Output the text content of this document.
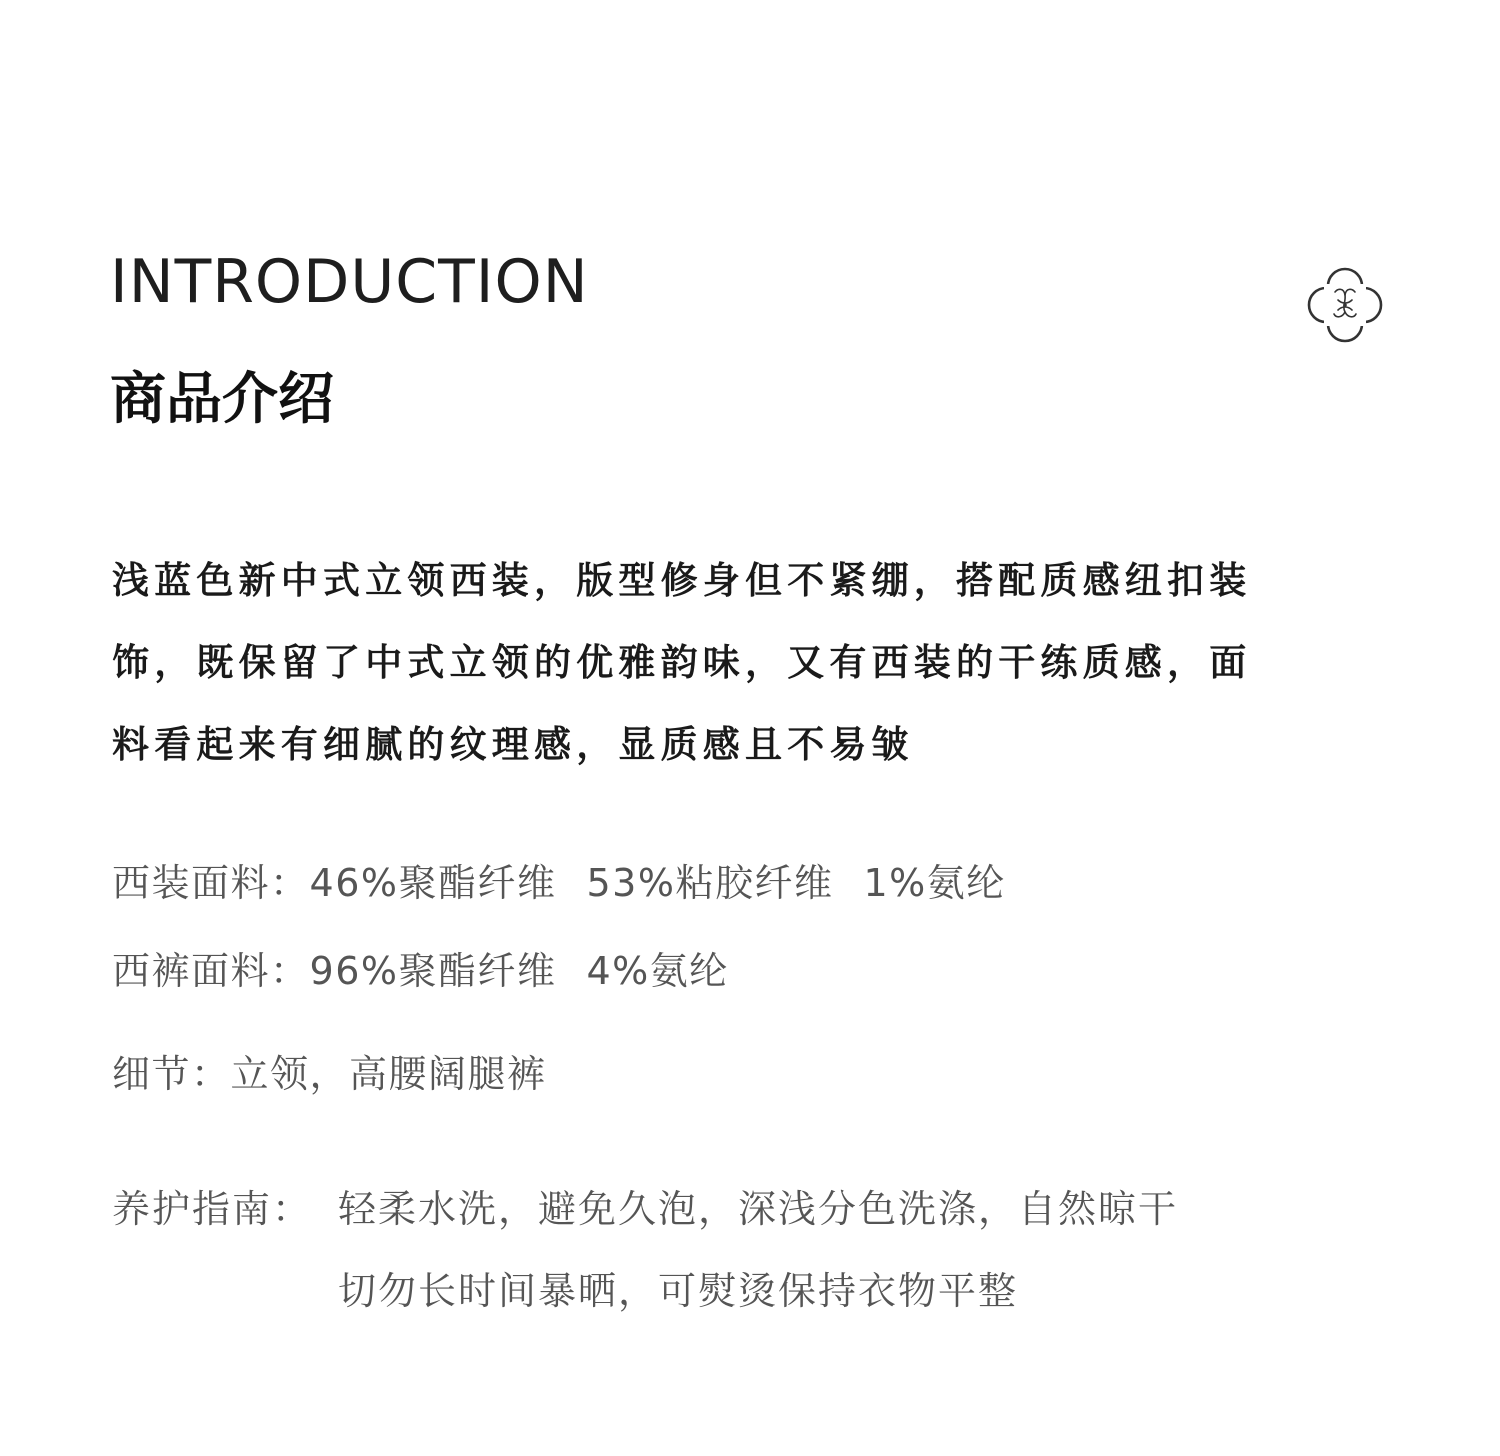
INTRODUCTION
商品介绍
浅蓝色新中式立领西装，版型修身但不紧绷，搭配质感纽扣装
饰，既保留了中式立领的优雅韵味，又有西装的干练质感，面
料看起来有细腻的纹理感，显质感且不易皱
西装面料：46%聚酯纤维 53%粘胶纤维 1%氨纶
西裤面料：96%聚酯纤维 4%氨纶
细节：立领，高腰阔腿裤
养护指南： 轻柔水洗，避免久泡，深浅分色洗涤，自然晾干
切勿长时间暴晒，可熨烫保持衣物平整
